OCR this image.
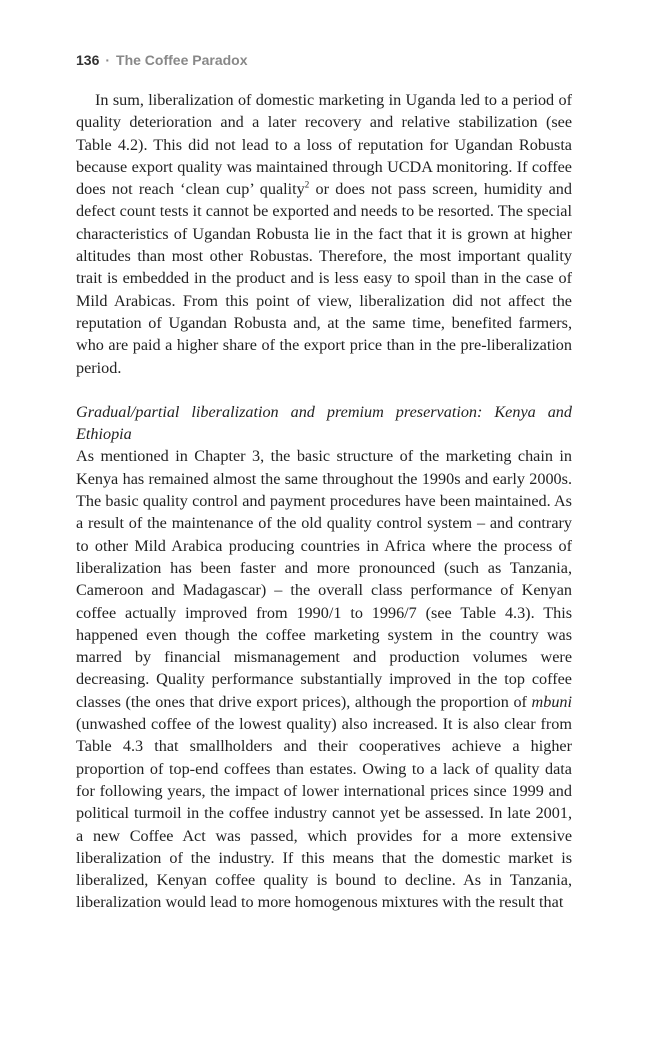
136 · The Coffee Paradox

In sum, liberalization of domestic marketing in Uganda led to a period of quality deterioration and a later recovery and relative stabilization (see Table 4.2). This did not lead to a loss of reputation for Ugandan Robusta because export quality was maintained through UCDA monitoring. If coffee does not reach ‘clean cup’ quality$^2$ or does not pass screen, humidity and defect count tests it cannot be exported and needs to be resorted. The special characteristics of Ugandan Robusta lie in the fact that it is grown at higher altitudes than most other Robustas. Therefore, the most important quality trait is embedded in the product and is less easy to spoil than in the case of Mild Arabicas. From this point of view, liberalization did not affect the reputation of Ugandan Robusta and, at the same time, benefited farmers, who are paid a higher share of the export price than in the pre-liberalization period.

Gradual/partial liberalization and premium preservation: Kenya and Ethiopia

As mentioned in Chapter 3, the basic structure of the marketing chain in Kenya has remained almost the same throughout the 1990s and early 2000s. The basic quality control and payment procedures have been maintained. As a result of the maintenance of the old quality control system – and contrary to other Mild Arabica producing countries in Africa where the process of liberalization has been faster and more pronounced (such as Tanzania, Cameroon and Madagascar) – the overall class performance of Kenyan coffee actually improved from 1990/1 to 1996/7 (see Table 4.3). This happened even though the coffee marketing system in the country was marred by financial mismanagement and production volumes were decreasing. Quality performance substantially improved in the top coffee classes (the ones that drive export prices), although the proportion of mbuni (unwashed coffee of the lowest quality) also increased. It is also clear from Table 4.3 that smallholders and their cooperatives achieve a higher proportion of top-end coffees than estates. Owing to a lack of quality data for following years, the impact of lower international prices since 1999 and political turmoil in the coffee industry cannot yet be assessed. In late 2001, a new Coffee Act was passed, which provides for a more extensive liberalization of the industry. If this means that the domestic market is liberalized, Kenyan coffee quality is bound to decline. As in Tanzania, liberalization would lead to more homogenous mixtures with the result that
